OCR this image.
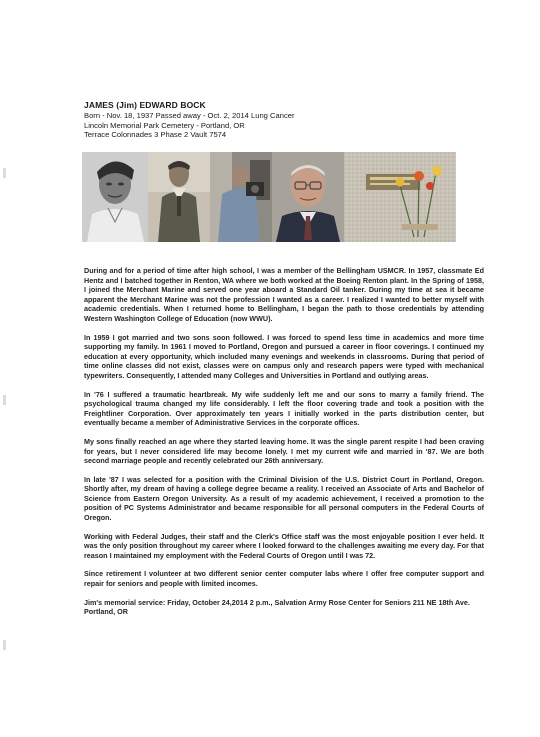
JAMES (Jim) EDWARD BOCK
Born - Nov. 18, 1937 Passed away - Oct. 2, 2014 Lung Cancer
Lincoln Memorial Park Cemetery - Portland, OR
Terrace Colonnades 3 Phase 2 Vault 7574

During and for a period of time after high school, I was a member of the Bellingham USMCR. In 1957, classmate Ed Hentz and I batched together in Renton, WA where we both worked at the Boeing Renton plant. In the Spring of 1958, I joined the Merchant Marine and served one year aboard a Standard Oil tanker. During my time at sea it became apparent the Merchant Marine was not the profession I wanted as a career. I realized I wanted to better myself with academic credentials. When I returned home to Bellingham, I began the path to those credentials by attending Western Washington College of Education (now WWU).

In 1959 I got married and two sons soon followed. I was forced to spend less time in academics and more time supporting my family. In 1961 I moved to Portland, Oregon and pursued a career in floor coverings. I continued my education at every opportunity, which included many evenings and weekends in classrooms. During that period of time online classes did not exist, classes were on campus only and research papers were typed with mechanical typewriters. Consequently, I attended many Colleges and Universities in Portland and outlying areas.

In '76 I suffered a traumatic heartbreak. My wife suddenly left me and our sons to marry a family friend. The psychological trauma changed my life considerably. I left the floor covering trade and took a position with the Freightliner Corporation. Over approximately ten years I initially worked in the parts distribution center, but eventually became a member of Administrative Services in the corporate offices.

My sons finally reached an age where they started leaving home. It was the single parent respite I had been craving for years, but I never considered life may become lonely. I met my current wife and married in '87. We are both second marriage people and recently celebrated our 26th anniversary.

In late '87 I was selected for a position with the Criminal Division of the U.S. District Court in Portland, Oregon. Shortly after, my dream of having a college degree became a reality. I received an Associate of Arts and Bachelor of Science from Eastern Oregon University. As a result of my academic achievement, I received a promotion to the position of PC Systems Administrator and became responsible for all personal computers in the Federal Courts of Oregon.

Working with Federal Judges, their staff and the Clerk's Office staff was the most enjoyable position I ever held. It was the only position throughout my career where I looked forward to the challenges awaiting me every day. For that reason I maintained my employment with the Federal Courts of Oregon until I was 72.

Since retirement I volunteer at two different senior center computer labs where I offer free computer support and repair for seniors and people with limited incomes.

Jim's memorial service: Friday, October 24,2014 2 p.m., Salvation Army Rose Center for Seniors 211 NE 18th Ave. Portland, OR
